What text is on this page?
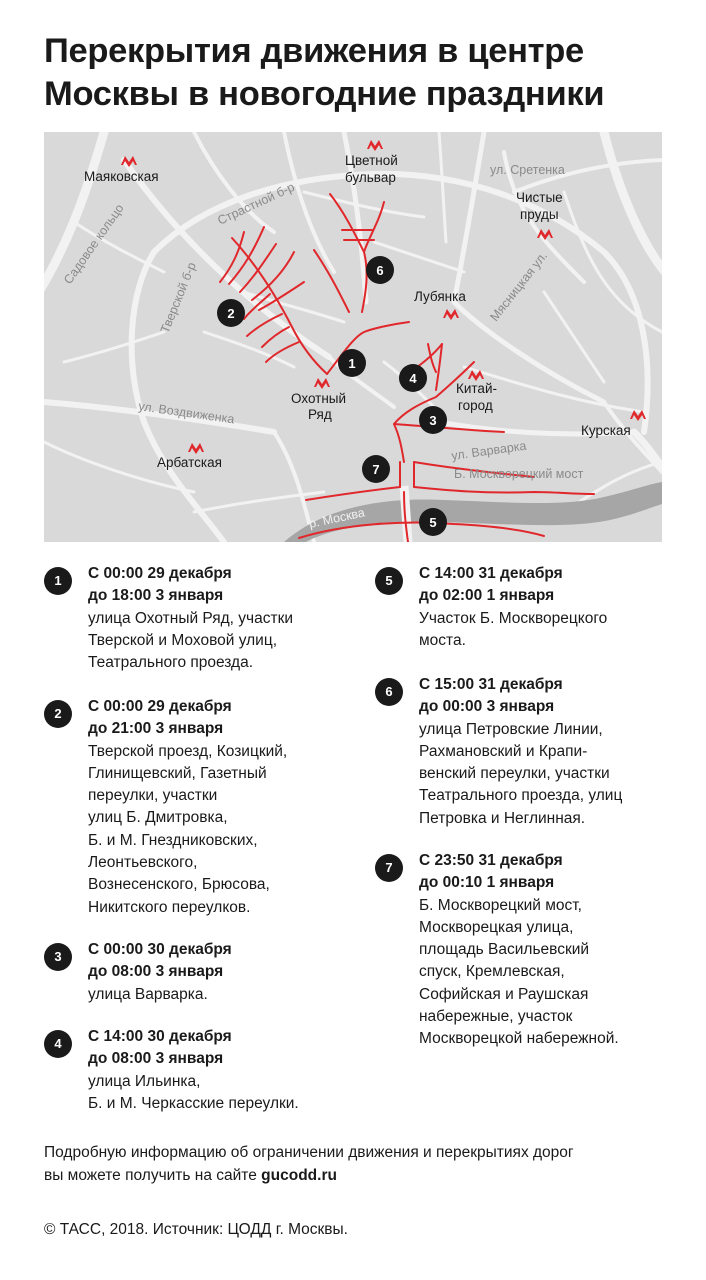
Перекрытия движения в центре
Москвы в новогодние праздники
Маяковская
Цветной
бульвар
Чистые
пруды
Лубянка
Охотный
Ряд
Китай-
город
Курская
Арбатская
ул. Сретенка
Страстной б-р
Садовое кольцо
Тверской б-р	Мясницкая ул.
ул. Воздвиженка
ул. Варварка
Б. Москворецкий мост
р. Москва
1
2
3
4
5
6
7
1	С 00:00 29 декабря
до 18:00 3 января
улица Охотный Ряд, участки
Тверской и Моховой улиц,
Театрального проезда.
2	С 00:00 29 декабря
до 21:00 3 января
Тверской проезд, Козицкий,
Глинищевский, Газетный
переулки, участки
улиц Б. Дмитровка,
Б. и М. Гнездниковских,
Леонтьевского,
Вознесенского, Брюсова,
Никитского переулков.
3	С 00:00 30 декабря
до 08:00 3 января
улица Варварка.
4	С 14:00 30 декабря
до 08:00 3 января
улица Ильинка,
Б. и М. Черкасские переулки.
5	С 14:00 31 декабря
до 02:00 1 января
Участок Б. Москворецкого
моста.
6	С 15:00 31 декабря
до 00:00 3 января
улица Петровские Линии,
Рахмановский и Крапи-
венский переулки, участки
Театрального проезда, улиц
Петровка и Неглинная.
7	С 23:50 31 декабря
до 00:10 1 января
Б. Москворецкий мост,
Москворецкая улица,
площадь Васильевский
спуск, Кремлевская,
Софийская и Раушская
набережные, участок
Москворецкой набережной.
Подробную информацию об ограничении движения и перекрытиях дорог
вы можете получить на сайте gucodd.ru
© ТАСС, 2018. Источник: ЦОДД г. Москвы.
